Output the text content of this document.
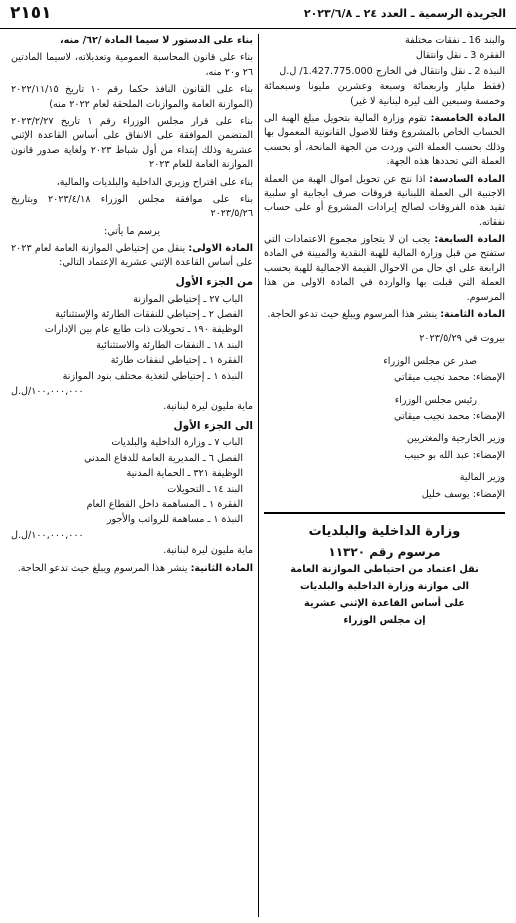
الجريدة الرسمية ـ العدد ٢٤ ـ ٢٠٢٣/٦/٨
٢١٥١

والبند 16 ـ نفقات مختلفة

الفقرة 3 ـ نقل وانتقال

النبذة 2 ـ نقل وانتقال في الخارج 1.427.775.000/ ل.ل

(فقط مليار واربعمائة وسبعة وعشرين مليونا وسبعمائة وخمسة وسبعين الف ليرة لبنانية لا غير)

المادة الخامسة: تقوم وزارة المالية بتحويل مبلغ الهبة الى الحساب الخاص بالمشروع وفقا للاصول القانونية المعمول بها وذلك بحسب العملة التي وردت من الجهة المانحة، أو بحسب العملة التي تحددها هذه الجهة.

المادة السادسة: اذا نتج عن تحويل اموال الهبة من العملة الاجنبية الى العملة اللبنانية فروقات صرف ايجابية او سلبية تقيد هذه الفروقات لصالح إيرادات المشروع أو على حساب نفقاته.

المادة السابعة: يجب ان لا يتجاوز مجموع الاعتمادات التي ستفتح من قبل وزارة المالية للهبة النقدية والمبينة في المادة الرابعة على اي حال من الاحوال القيمة الاجمالية للهبة بحسب العملة التي قبلت بها والواردة في المادة الاولى من هذا المرسوم.

المادة الثامنة: ينشر هذا المرسوم ويبلغ حيث تدعو الحاجة.

بيروت في ٢٠٢٣/٥/٢٩

صدر عن مجلس الوزراء

الإمضاء: محمد نجيب ميقاتي

رئيس مجلس الوزراء

الإمضاء: محمد نجيب ميقاتي

وزير الخارجية والمغتربين

الإمضاء: عبد الله بو حبيب

وزير المالية

الإمضاء: يوسف خليل

وزارة الداخلية والبلديات
مرسوم رقم ١١٣٢٠
نقل اعتماد من احتياطي الموازنة العامة
الى موازنة وزارة الداخلية والبلديات
على أساس القاعدة الإثني عشرية
إن مجلس الوزراء

بناء على الدستور لا سيما المادة /٦٢/ منه،

بناء على قانون المحاسبة العمومية وتعديلاته، لاسيما المادتين ٢٦ و٢٠ منه،

بناء على القانون النافذ حكما رقم ١٠ تاريخ ٢٠٢٢/١١/١٥ (الموازنة العامة والموازنات الملحقة لعام ٢٠٢٢ منه)

بناء على قرار مجلس الوزراء رقم ١ تاريخ ٢٠٢٣/٢/٢٧ المتضمن الموافقة على الانفاق على أساس القاعدة الإثني عشرية وذلك إبتداء من أول شباط ٢٠٢٣ ولغاية صدور قانون الموازنة العامة للعام ٢٠٢٣

بناء على اقتراح وزيري الداخلية والبلديات والمالية،

بناء على موافقة مجلس الوزراء ٢٠٢٣/٤/١٨ وبتاريخ ٢٠٢٣/٥/٢٦

يرسم ما يأتي:

المادة الاولى: ينقل من إحتياطي الموازنة العامة لعام ٢٠٢٣ على أساس القاعدة الإثني عشرية الإعتماد التالي:

من الجزء الأول

الباب ٢٧ ـ إحتياطي الموازنة

الفصل ٢ ـ إحتياطي للنفقات الطارئة والإستثنائية

الوظيفة ١٩٠ ـ تحويلات ذات طابع عام بين الإدارات

البند ١٨ ـ النفقات الطارئة والاستثنائية

الفقرة ١ ـ إحتياطي لنفقات طارئة

النبذة ١ ـ إحتياطي لتغذية مختلف بنود الموازنة

١٠٠,٠٠٠,٠٠٠/ل.ل

ماية مليون ليرة لبنانية.

الى الجزء الأول

الباب ٧ ـ وزارة الداخلية والبلديات

الفصل ٦ ـ المديرية العامة للدفاع المدني

الوظيفة ٣٢١ ـ الحماية المدنية

البند ١٤ ـ التحويلات

الفقرة ١ ـ المساهمة داخل القطاع العام

النبذة ١ ـ مساهمة للرواتب والأجور

١٠٠,٠٠٠,٠٠٠/ل.ل

ماية مليون ليرة لبنانية.

المادة الثانية: ينشر هذا المرسوم ويبلغ حيث تدعو الحاجة.
